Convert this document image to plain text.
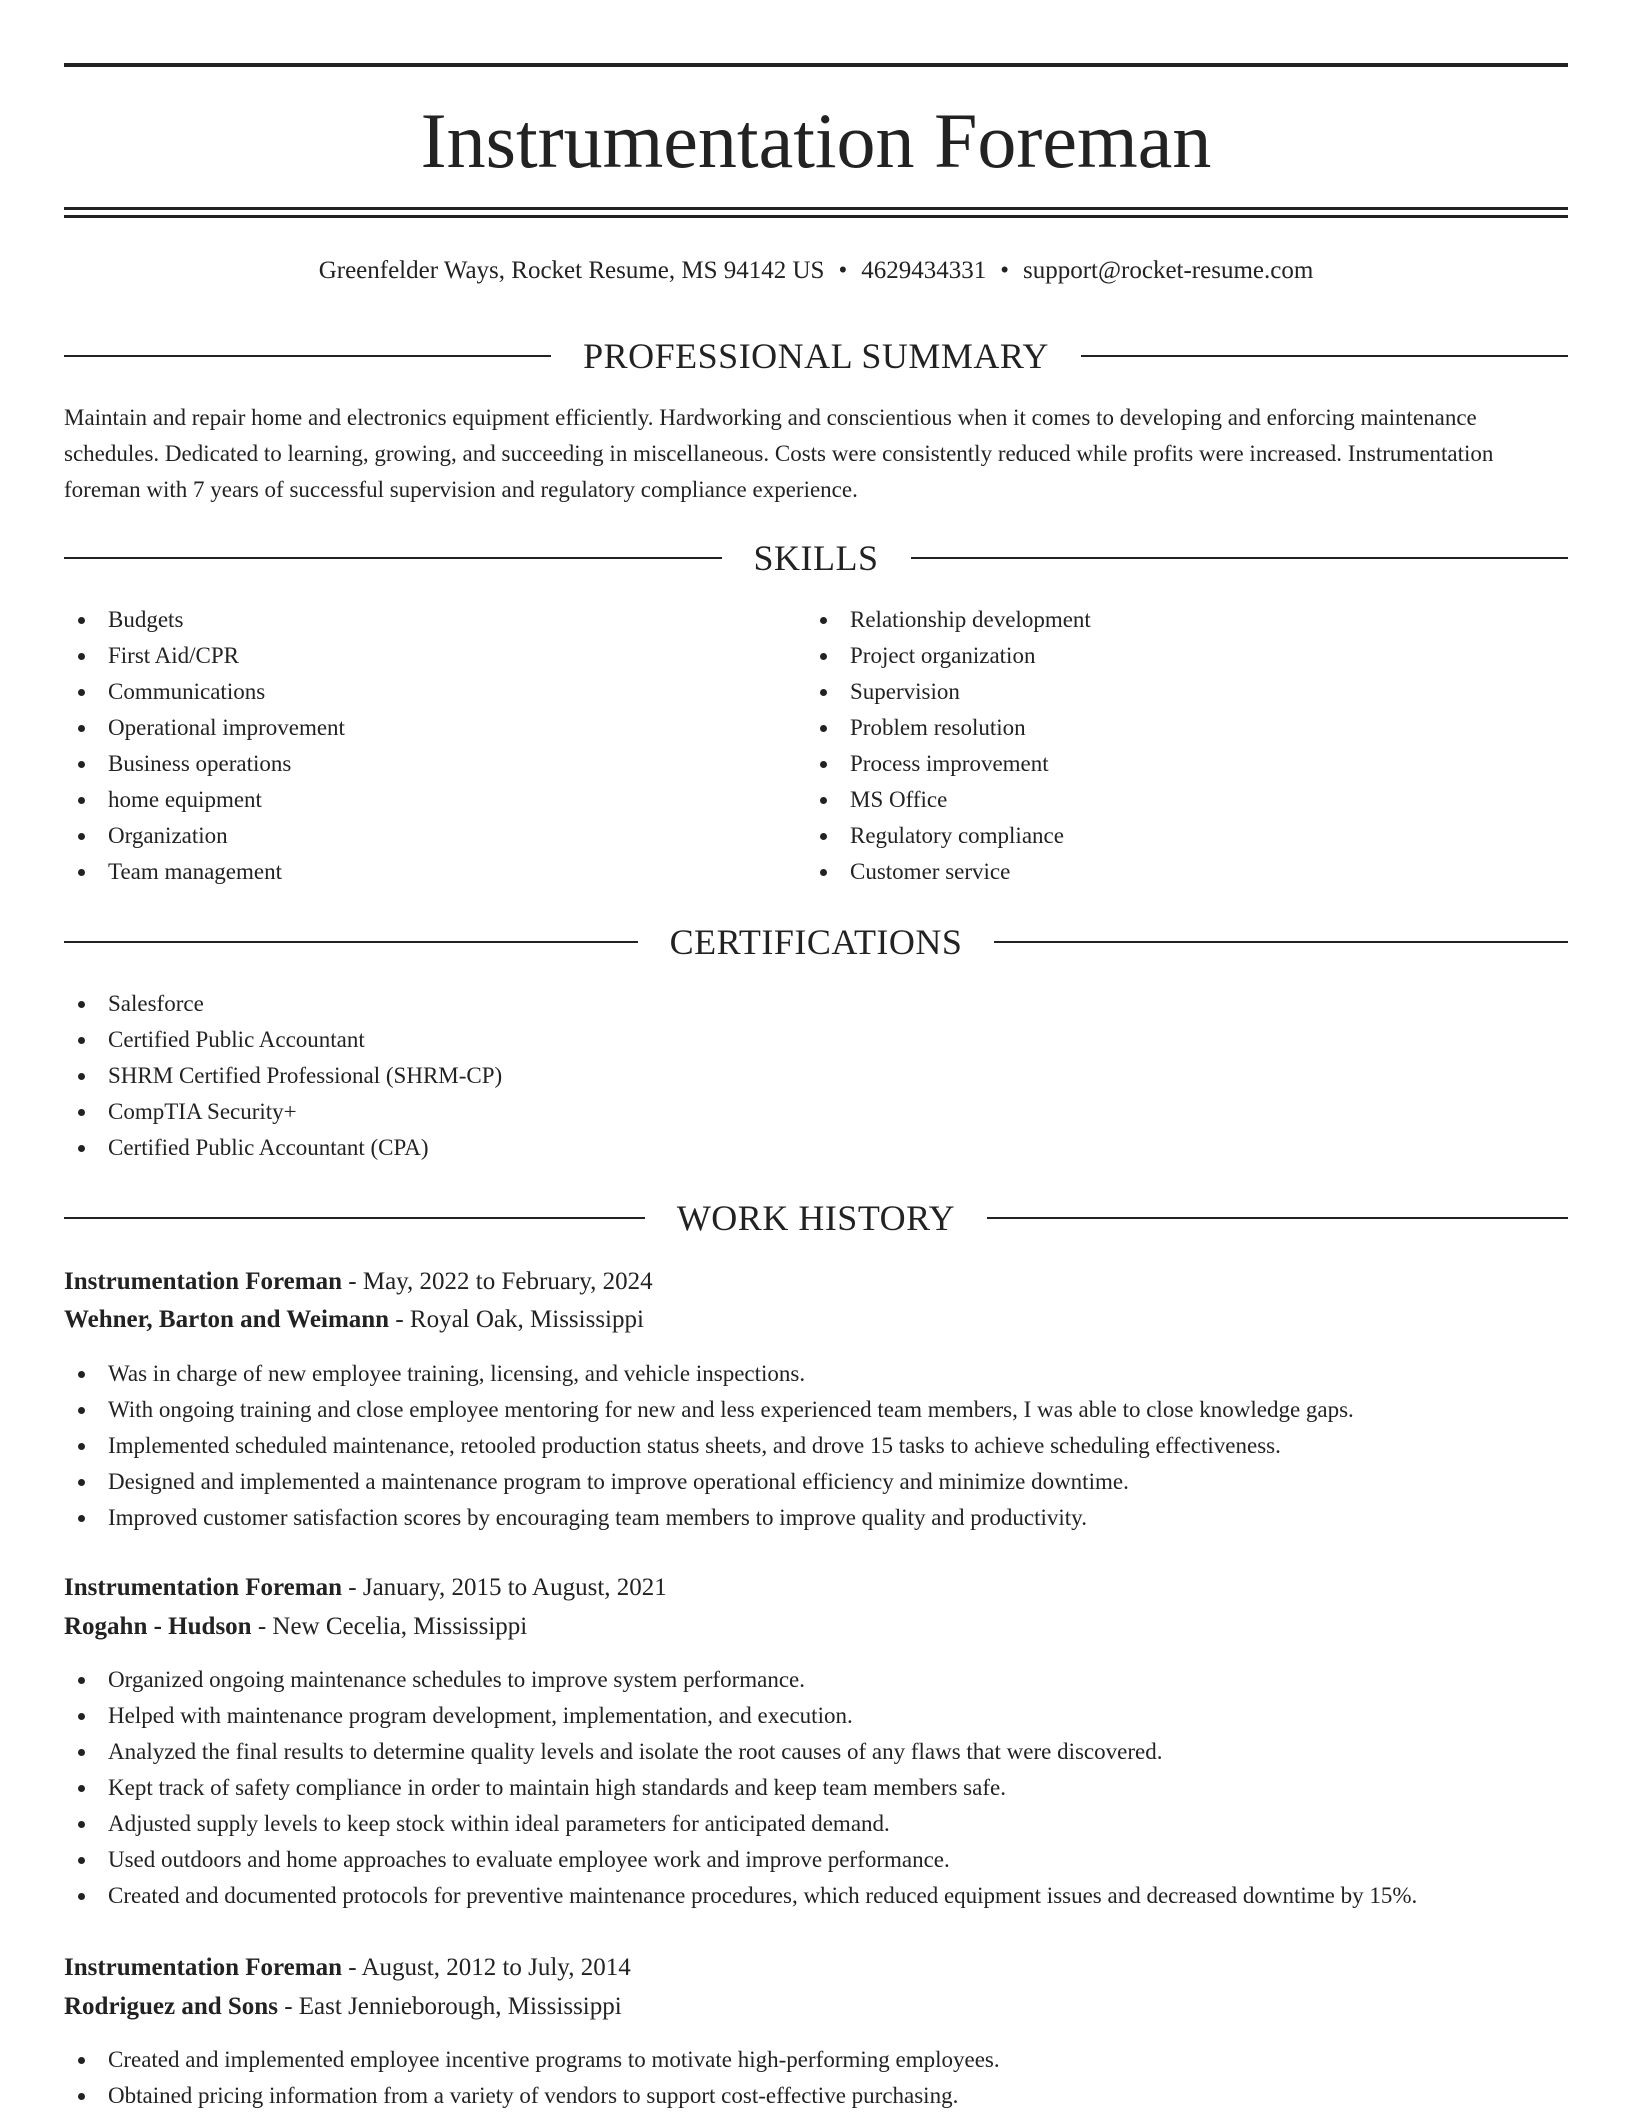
Instrumentation Foreman
Greenfelder Ways, Rocket Resume, MS 94142 US • 4629434331 • support@rocket-resume.com
PROFESSIONAL SUMMARY

Maintain and repair home and electronics equipment efficiently. Hardworking and conscientious when it comes to developing and enforcing maintenance schedules. Dedicated to learning, growing, and succeeding in miscellaneous. Costs were consistently reduced while profits were increased. Instrumentation foreman with 7 years of successful supervision and regulatory compliance experience.

SKILLS
Budgets
First Aid/CPR
Communications
Operational improvement
Business operations
home equipment
Organization
Team management
Relationship development
Project organization
Supervision
Problem resolution
Process improvement
MS Office
Regulatory compliance
Customer service
CERTIFICATIONS
Salesforce
Certified Public Accountant
SHRM Certified Professional (SHRM-CP)
CompTIA Security+
Certified Public Accountant (CPA)
WORK HISTORY
Instrumentation Foreman - May, 2022 to February, 2024
Wehner, Barton and Weimann - Royal Oak, Mississippi
Was in charge of new employee training, licensing, and vehicle inspections.
With ongoing training and close employee mentoring for new and less experienced team members, I was able to close knowledge gaps.
Implemented scheduled maintenance, retooled production status sheets, and drove 15 tasks to achieve scheduling effectiveness.
Designed and implemented a maintenance program to improve operational efficiency and minimize downtime.
Improved customer satisfaction scores by encouraging team members to improve quality and productivity.
Instrumentation Foreman - January, 2015 to August, 2021
Rogahn - Hudson - New Cecelia, Mississippi
Organized ongoing maintenance schedules to improve system performance.
Helped with maintenance program development, implementation, and execution.
Analyzed the final results to determine quality levels and isolate the root causes of any flaws that were discovered.
Kept track of safety compliance in order to maintain high standards and keep team members safe.
Adjusted supply levels to keep stock within ideal parameters for anticipated demand.
Used outdoors and home approaches to evaluate employee work and improve performance.
Created and documented protocols for preventive maintenance procedures, which reduced equipment issues and decreased downtime by 15%.
Instrumentation Foreman - August, 2012 to July, 2014
Rodriguez and Sons - East Jennieborough, Mississippi
Created and implemented employee incentive programs to motivate high-performing employees.
Obtained pricing information from a variety of vendors to support cost-effective purchasing.
